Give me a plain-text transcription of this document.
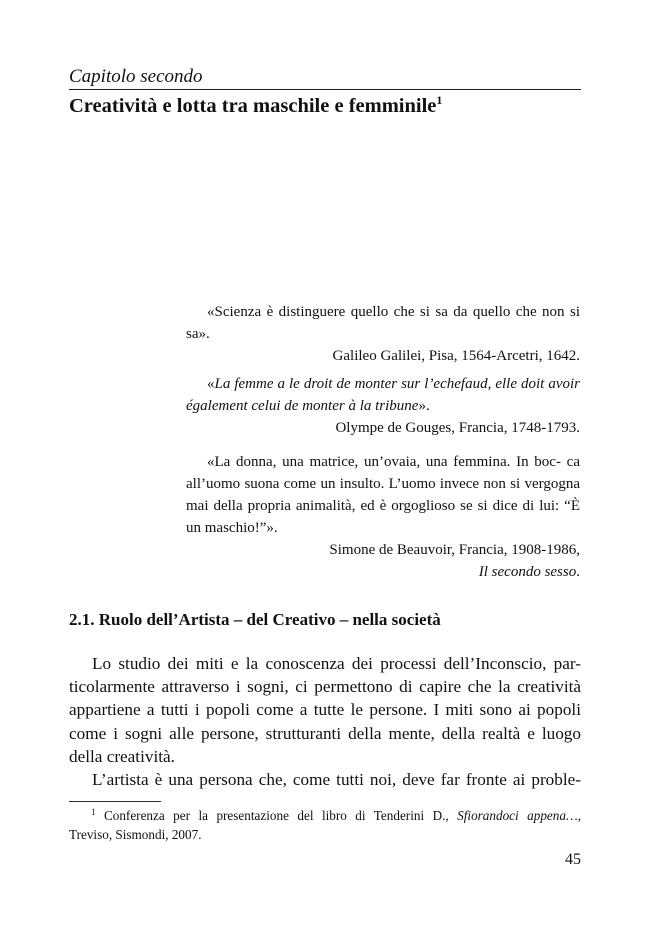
Capitolo secondo

Creatività e lotta tra maschile e femminile$^1$

«Scienza è distinguere quello che si sa da quello che non si sa».

Galileo Galilei, Pisa, 1564-Arcetri, 1642.

«La femme a le droit de monter sur l’echefaud, elle doit avoir également celui de monter à la tribune».

Olympe de Gouges, Francia, 1748-1793.

«La donna, una matrice, un’ovaia, una femmina. In boc- ca all’uomo suona come un insulto. L’uomo invece non si vergogna mai della propria animalità, ed è orgoglioso se si dice di lui: “È un maschio!”».

Simone de Beauvoir, Francia, 1908-1986,

Il secondo sesso.

2.1. Ruolo dell’Artista – del Creativo – nella società
Lo studio dei miti e la conoscenza dei processi dell’Inconscio, par-
ticolarmente attraverso i sogni, ci permettono di capire che la creatività
appartiene a tutti i popoli come a tutte le persone. I miti sono ai popoli
come i sogni alle persone, strutturanti della mente, della realtà e luogo
della creatività.
L’artista è una persona che, come tutti noi, deve far fronte ai proble-
$^1$ Conferenza per la presentazione del libro di Tenderini D., Sfiorandoci appena…,
Treviso, Sismondi, 2007.

45
